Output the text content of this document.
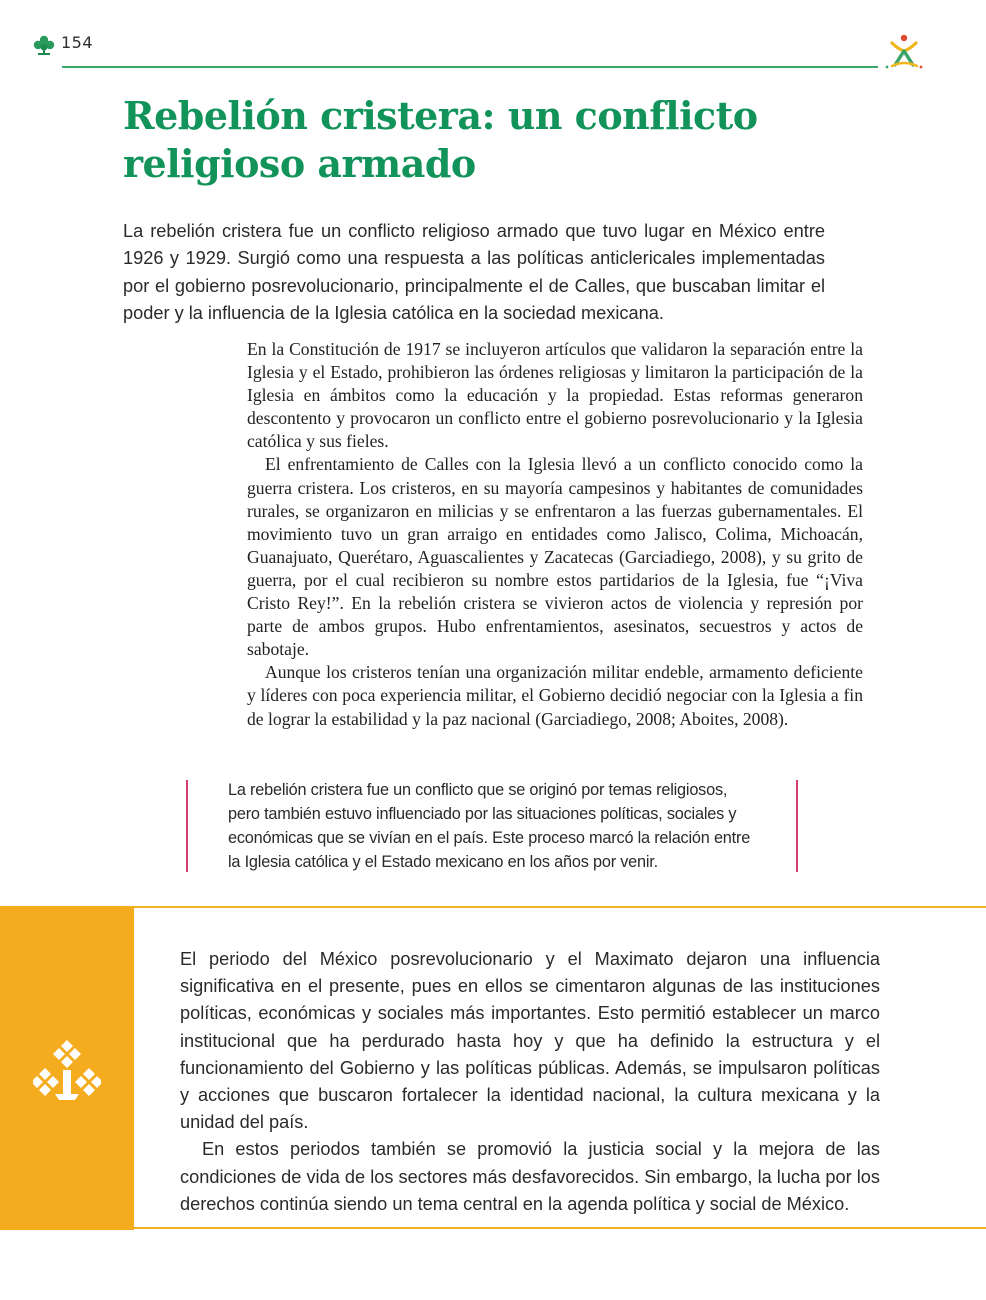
154
Rebelión cristera: un conflicto
religioso armado

La rebelión cristera fue un conflicto religioso armado que tuvo lugar en México entre 1926 y 1929. Surgió como una respuesta a las políticas anticlericales implementadas por el gobierno posrevolucionario, principalmente el de Calles, que buscaban limitar el poder y la influencia de la Iglesia católica en la sociedad mexicana.

En la Constitución de 1917 se incluyeron artículos que validaron la separación entre la Iglesia y el Estado, prohibieron las órdenes religiosas y limitaron la participación de la Iglesia en ámbitos como la educación y la propiedad. Estas reformas generaron descontento y provocaron un conflicto entre el gobierno posrevolucionario y la Iglesia católica y sus fieles.

El enfrentamiento de Calles con la Iglesia llevó a un conflicto conocido como la guerra cristera. Los cristeros, en su mayoría campesinos y habitantes de comunidades rurales, se organizaron en milicias y se enfrentaron a las fuerzas gubernamentales. El movimiento tuvo un gran arraigo en entidades como Jalisco, Colima, Michoacán, Guanajuato, Querétaro, Aguascalientes y Zacatecas (Garciadiego, 2008), y su grito de guerra, por el cual recibieron su nombre estos partidarios de la Iglesia, fue “¡Viva Cristo Rey!”. En la rebelión cristera se vivieron actos de violencia y represión por parte de ambos grupos. Hubo enfrentamientos, asesinatos, secuestros y actos de sabotaje.

Aunque los cristeros tenían una organización militar endeble, armamento deficiente y líderes con poca experiencia militar, el Gobierno decidió negociar con la Iglesia a fin de lograr la estabilidad y la paz nacional (Garciadiego, 2008; Aboites, 2008).

La rebelión cristera fue un conflicto que se originó por temas religiosos, pero también estuvo influenciado por las situaciones políticas, sociales y económicas que se vivían en el país. Este proceso marcó la relación entre la Iglesia católica y el Estado mexicano en los años por venir.

El periodo del México posrevolucionario y el Maximato dejaron una influencia significativa en el presente, pues en ellos se cimentaron algunas de las instituciones políticas, económicas y sociales más importantes. Esto permitió establecer un marco institucional que ha perdurado hasta hoy y que ha definido la estructura y el funcionamiento del Gobierno y las políticas públicas. Además, se impulsaron políticas y acciones que buscaron fortalecer la identidad nacional, la cultura mexicana y la unidad del país.

En estos periodos también se promovió la justicia social y la mejora de las condiciones de vida de los sectores más desfavorecidos. Sin embargo, la lucha por los derechos continúa siendo un tema central en la agenda política y social de México.
